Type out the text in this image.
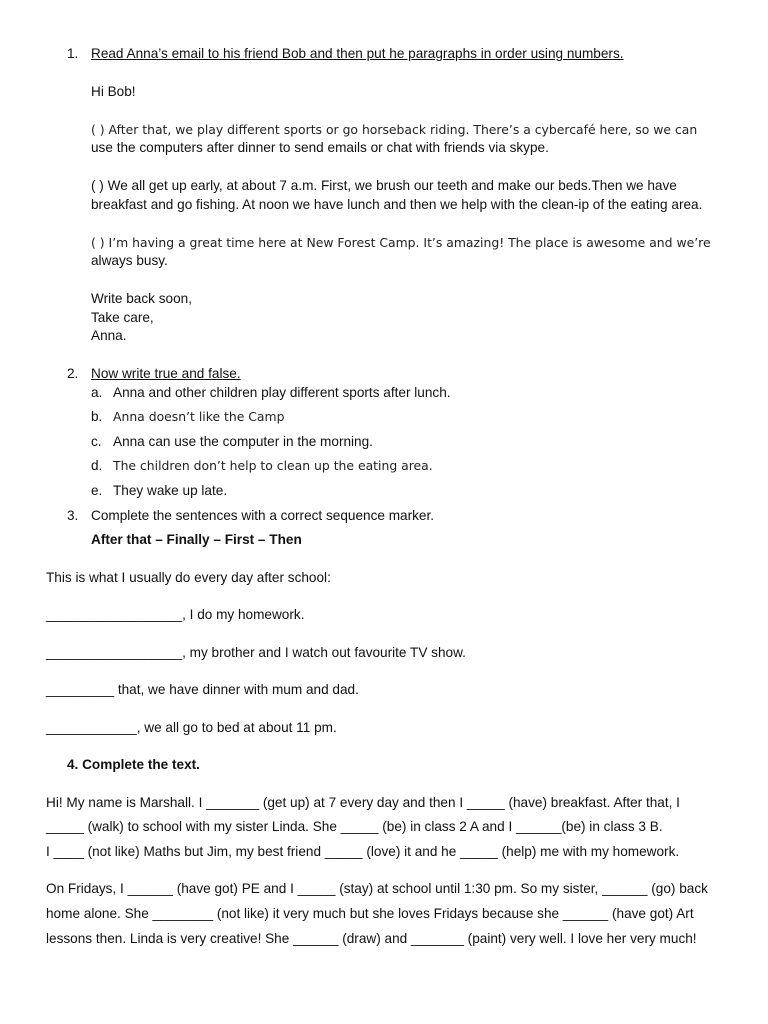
1. Read Anna’s email to his friend Bob and then put he paragraphs in order using numbers.
Hi Bob!
( ) After that, we play different sports or go horseback riding. There’s a cybercafé here, so we can
use the computers after dinner to send emails or chat with friends via skype.
( ) We all get up early, at about 7 a.m. First, we brush our teeth and make our beds.Then we have
breakfast and go fishing. At noon we have lunch and then we help with the clean-ip of the eating area.
( ) I’m having a great time here at New Forest Camp. It’s amazing! The place is awesome and we’re
always busy.
Write back soon,
Take care,
Anna.
2. Now write true and false.
a. Anna and other children play different sports after lunch.
b. Anna doesn’t like the Camp
c. Anna can use the computer in the morning.
d. The children don’t help to clean up the eating area.
e. They wake up late.
3. Complete the sentences with a correct sequence marker.
After that – Finally – First – Then
This is what I usually do every day after school:
__________________, I do my homework.
__________________, my brother and I watch out favourite TV show.
_________ that, we have dinner with mum and dad.
____________, we all go to bed at about 11 pm.
4. Complete the text.
Hi! My name is Marshall. I _______ (get up) at 7 every day and then I _____ (have) breakfast. After that, I
_____ (walk) to school with my sister Linda. She _____ (be) in class 2 A and I ______(be) in class 3 B.
I ____ (not like) Maths but Jim, my best friend _____ (love) it and he _____ (help) me with my homework.
On Fridays, I ______ (have got) PE and I _____ (stay) at school until 1:30 pm. So my sister, ______ (go) back
home alone. She ________ (not like) it very much but she loves Fridays because she ______ (have got) Art
lessons then. Linda is very creative! She ______ (draw) and _______ (paint) very well. I love her very much!
